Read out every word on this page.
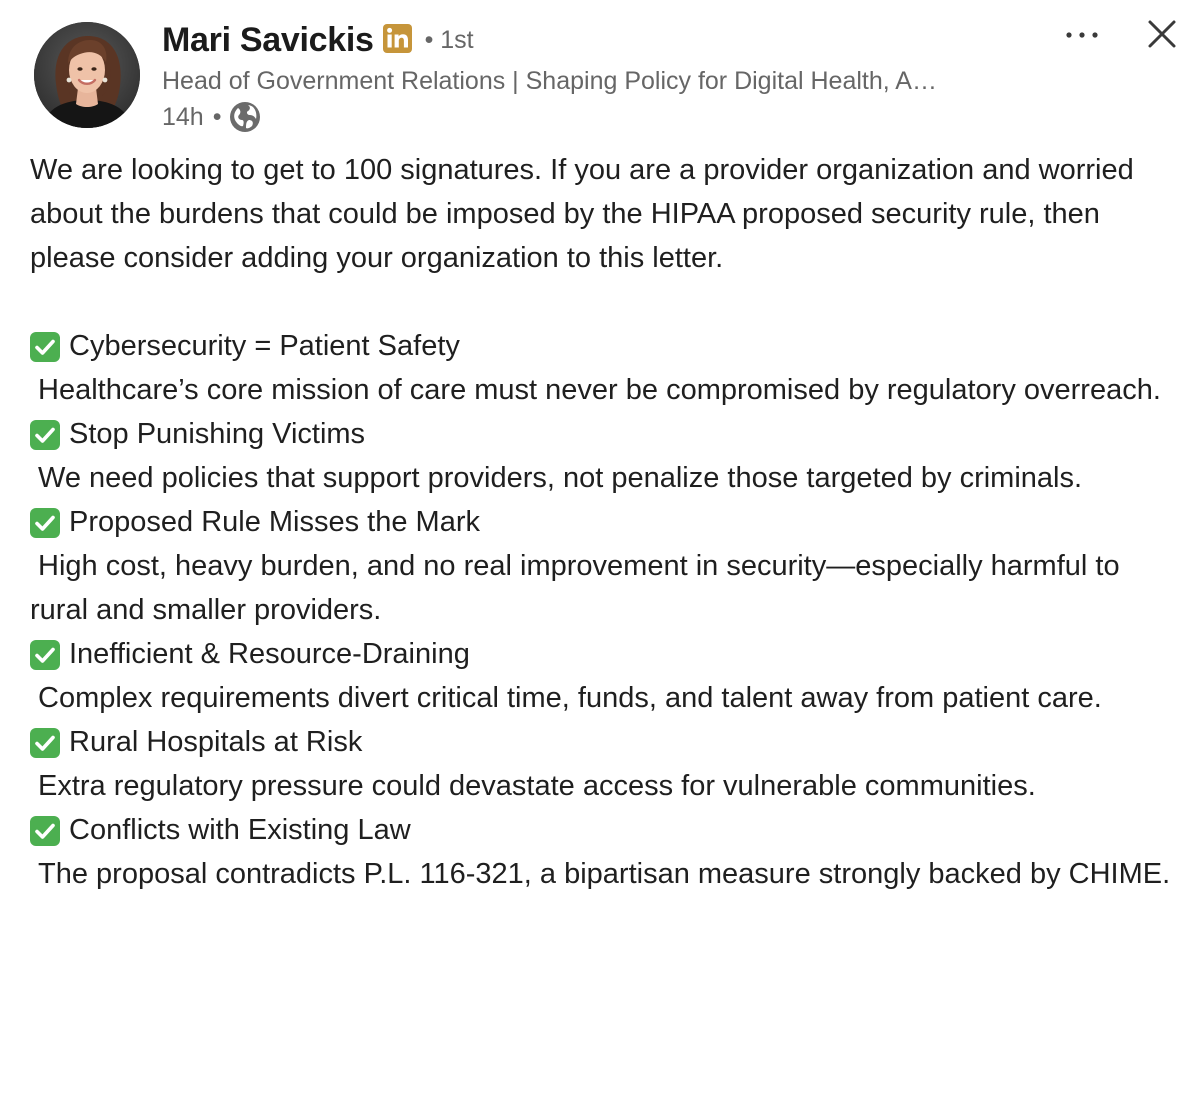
Mari Savickis • 1st
Head of Government Relations | Shaping Policy for Digital Health, A…
14h •

We are looking to get to 100 signatures. If you are a provider organization and worried about the burdens that could be imposed by the HIPAA proposed security rule, then please consider adding your organization to this letter.

Cybersecurity = Patient Safety

Healthcare’s core mission of care must never be compromised by regulatory overreach.

Stop Punishing Victims

We need policies that support providers, not penalize those targeted by criminals.

Proposed Rule Misses the Mark

High cost, heavy burden, and no real improvement in security—especially harmful to rural and smaller providers.

Inefficient & Resource-Draining

Complex requirements divert critical time, funds, and talent away from patient care.

Rural Hospitals at Risk

Extra regulatory pressure could devastate access for vulnerable communities.

Conflicts with Existing Law

The proposal contradicts P.L. 116-321, a bipartisan measure strongly backed by CHIME.
